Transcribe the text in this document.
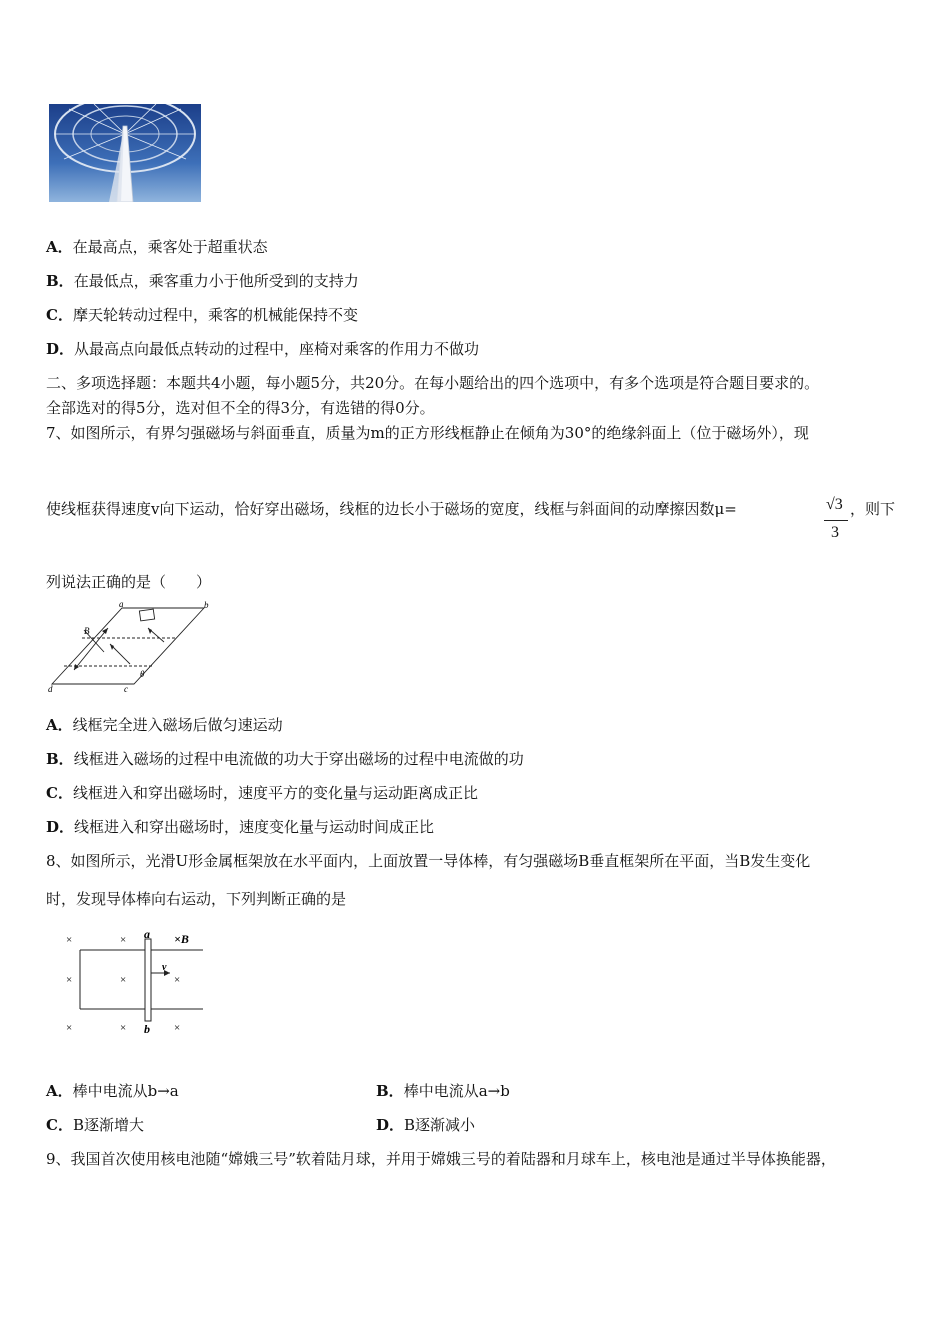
A．在最高点，乘客处于超重状态
B．在最低点，乘客重力小于他所受到的支持力
C．摩天轮转动过程中，乘客的机械能保持不变
D．从最高点向最低点转动的过程中，座椅对乘客的作用力不做功
二、多项选择题：本题共4小题，每小题5分，共20分。在每小题给出的四个选项中，有多个选项是符合题目要求的。
全部选对的得5分，选对但不全的得3分，有选错的得0分。
7、如图所示，有界匀强磁场与斜面垂直，质量为m的正方形线框静止在倾角为30°的绝缘斜面上（位于磁场外），现
使线框获得速度v向下运动，恰好穿出磁场，线框的边长小于磁场的宽度，线框与斜面间的动摩擦因数μ=	√3
3
，则下
列说法正确的是（　　）
a	b
B
θ
d	c
A．线框完全进入磁场后做匀速运动
B．线框进入磁场的过程中电流做的功大于穿出磁场的过程中电流做的功
C．线框进入和穿出磁场时，速度平方的变化量与运动距离成正比
D．线框进入和穿出磁场时，速度变化量与运动时间成正比
8、如图所示，光滑U形金属框架放在水平面内，上面放置一导体棒，有匀强磁场B垂直框架所在平面，当B发生变化
时，发现导体棒向右运动，下列判断正确的是
×	×	×B
×	×	×
×	×	×
a
b
v
A．棒中电流从b→a	B．棒中电流从a→b
C．B逐渐增大	D．B逐渐减小
9、我国首次使用核电池随“嫦娥三号”软着陆月球，并用于嫦娥三号的着陆器和月球车上，核电池是通过半导体换能器，
